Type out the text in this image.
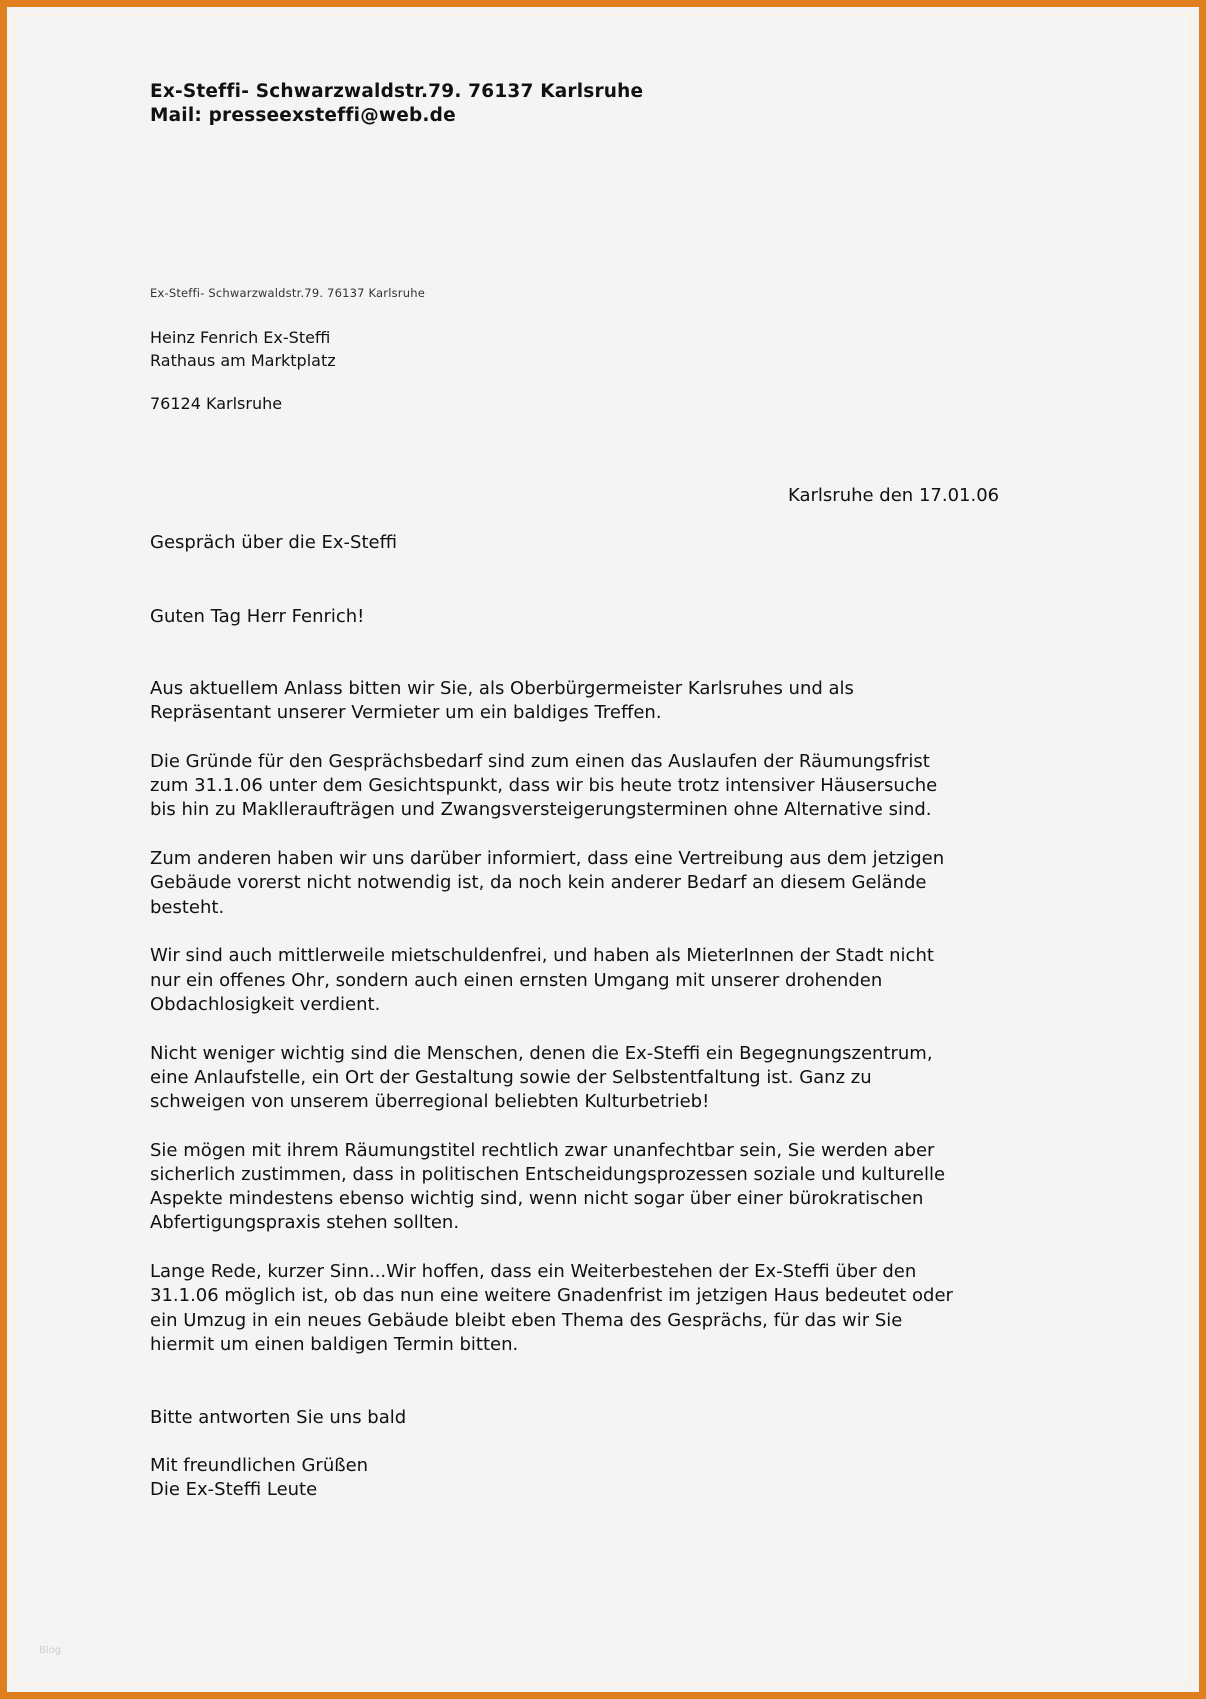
Ex-Steffi- Schwarzwaldstr.79. 76137 Karlsruhe
Mail: presseexsteffi@web.de
Ex-Steffi- Schwarzwaldstr.79. 76137 Karlsruhe
Heinz Fenrich Ex-Steffi
Rathaus am Marktplatz
76124 Karlsruhe
Karlsruhe den 17.01.06
Gespräch über die Ex-Steffi
Guten Tag Herr Fenrich!

Aus aktuellem Anlass bitten wir Sie, als Oberbürgermeister Karlsruhes und als
Repräsentant unserer Vermieter um ein baldiges Treffen.

Die Gründe für den Gesprächsbedarf sind zum einen das Auslaufen der Räumungsfrist
zum 31.1.06 unter dem Gesichtspunkt, dass wir bis heute trotz intensiver Häusersuche
bis hin zu Maklleraufträgen und Zwangsversteigerungsterminen ohne Alternative sind.

Zum anderen haben wir uns darüber informiert, dass eine Vertreibung aus dem jetzigen
Gebäude vorerst nicht notwendig ist, da noch kein anderer Bedarf an diesem Gelände
besteht.

Wir sind auch mittlerweile mietschuldenfrei, und haben als MieterInnen der Stadt nicht
nur ein offenes Ohr, sondern auch einen ernsten Umgang mit unserer drohenden
Obdachlosigkeit verdient.

Nicht weniger wichtig sind die Menschen, denen die Ex-Steffi ein Begegnungszentrum,
eine Anlaufstelle, ein Ort der Gestaltung sowie der Selbstentfaltung ist. Ganz zu
schweigen von unserem überregional beliebten Kulturbetrieb!

Sie mögen mit ihrem Räumungstitel rechtlich zwar unanfechtbar sein, Sie werden aber
sicherlich zustimmen, dass in politischen Entscheidungsprozessen soziale und kulturelle
Aspekte mindestens ebenso wichtig sind, wenn nicht sogar über einer bürokratischen
Abfertigungspraxis stehen sollten.

Lange Rede, kurzer Sinn...Wir hoffen, dass ein Weiterbestehen der Ex-Steffi über den
31.1.06 möglich ist, ob das nun eine weitere Gnadenfrist im jetzigen Haus bedeutet oder
ein Umzug in ein neues Gebäude bleibt eben Thema des Gesprächs, für das wir Sie
hiermit um einen baldigen Termin bitten.

Bitte antworten Sie uns bald
Mit freundlichen Grüßen
Die Ex-Steffi Leute
Blog
